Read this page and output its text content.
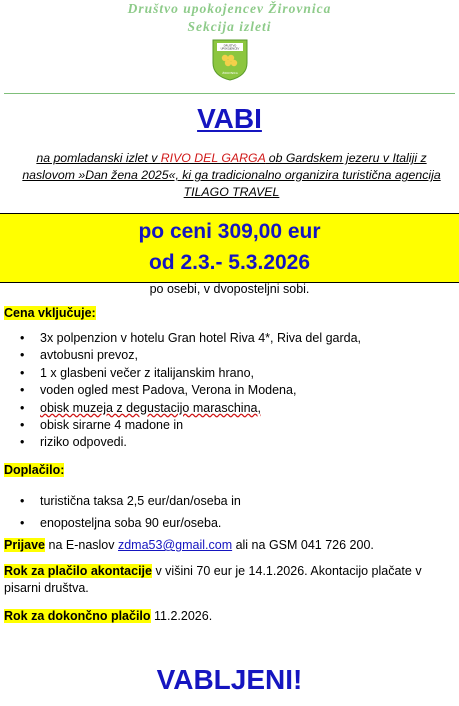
Društvo upokojencev Žirovnica
Sekcija izleti
DRUŠTVO
UPOKOJENCEV
ŽIROVNICA
VABI
na pomladanski izlet v RIVO DEL GARGA ob Gardskem jezeru v Italiji z naslovom »Dan žena 2025«, ki ga tradicionalno organizira turistična agencija TILAGO TRAVEL
po ceni 309,00 eur
od 2.3.- 5.3.2026
po osebi, v dvoposteljni sobi.
Cena vključuje:
• 3x polpenzion v hotelu Gran hotel Riva 4*, Riva del garda,
• avtobusni prevoz,
• 1 x glasbeni večer z italijanskim hrano,
• voden ogled mest Padova, Verona in Modena,
• obisk muzeja z degustacijo maraschina,
• obisk sirarne 4 madone in
• riziko odpovedi.
Doplačilo:
• turistična taksa 2,5 eur/dan/oseba in
• enoposteljna soba 90 eur/oseba.
Prijave na E-naslov zdma53@gmail.com ali na GSM 041 726 200.
Rok za plačilo akontacije v višini 70 eur je 14.1.2026. Akontacijo plačate v pisarni društva.
Rok za dokončno plačilo 11.2.2026.
VABLJENI!
